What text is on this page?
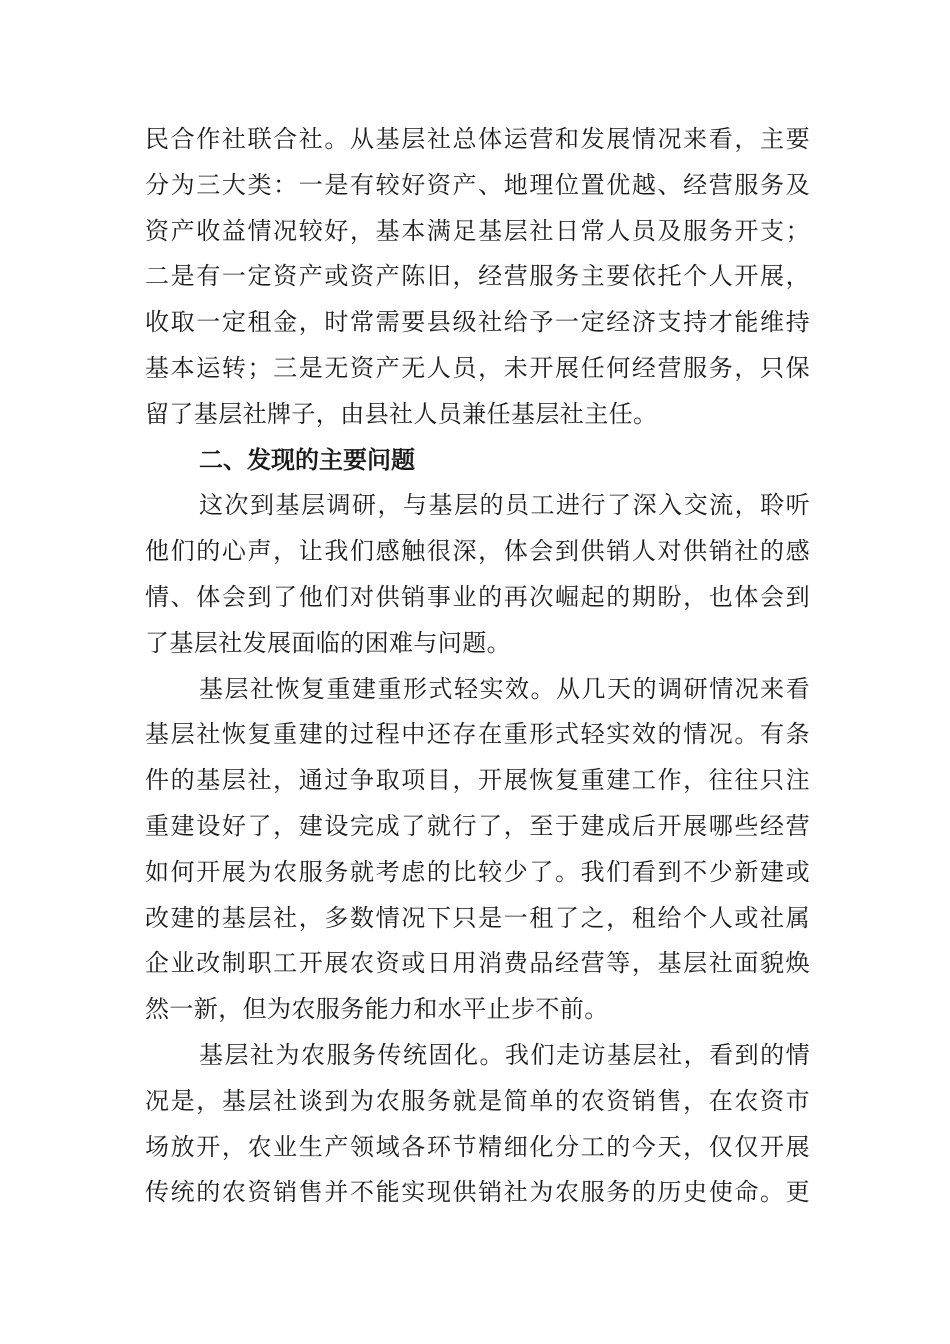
民合作社联合社。从基层社总体运营和发展情况来看，主要
分为三大类：一是有较好资产、地理位置优越、经营服务及
资产收益情况较好，基本满足基层社日常人员及服务开支；
二是有一定资产或资产陈旧，经营服务主要依托个人开展，
收取一定租金，时常需要县级社给予一定经济支持才能维持
基本运转；三是无资产无人员，未开展任何经营服务，只保
留了基层社牌子，由县社人员兼任基层社主任。
二、发现的主要问题
这次到基层调研，与基层的员工进行了深入交流，聆听
他们的心声，让我们感触很深，体会到供销人对供销社的感
情、体会到了他们对供销事业的再次崛起的期盼，也体会到
了基层社发展面临的困难与问题。
基层社恢复重建重形式轻实效。从几天的调研情况来看
基层社恢复重建的过程中还存在重形式轻实效的情况。有条
件的基层社，通过争取项目，开展恢复重建工作，往往只注
重建设好了，建设完成了就行了，至于建成后开展哪些经营
如何开展为农服务就考虑的比较少了。我们看到不少新建或
改建的基层社，多数情况下只是一租了之，租给个人或社属
企业改制职工开展农资或日用消费品经营等，基层社面貌焕
然一新，但为农服务能力和水平止步不前。
基层社为农服务传统固化。我们走访基层社，看到的情
况是，基层社谈到为农服务就是简单的农资销售，在农资市
场放开，农业生产领域各环节精细化分工的今天，仅仅开展
传统的农资销售并不能实现供销社为农服务的历史使命。更
